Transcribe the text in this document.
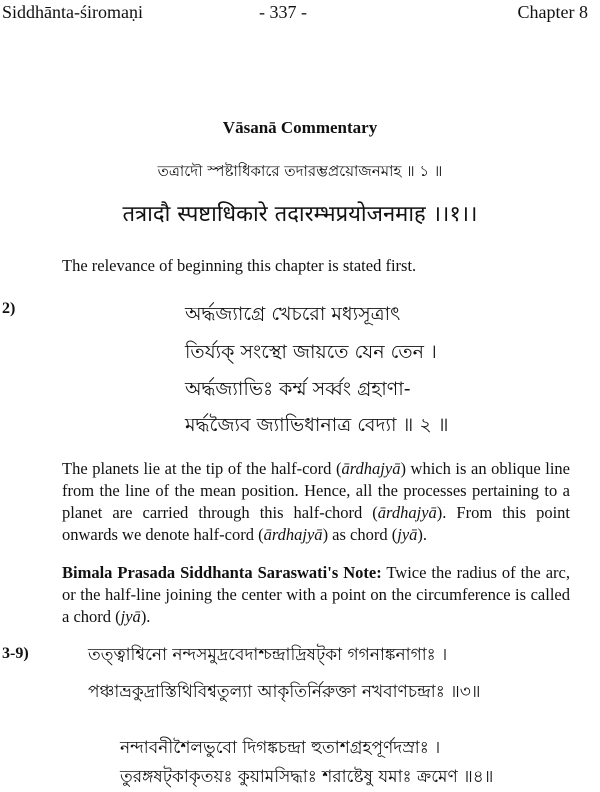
Siddhānta-śiromaṇi	- 337 -	Chapter 8
Vāsanā Commentary
তত্রাদৌ স্পষ্টাধিকারে তদারম্ভপ্রয়োজনমাহ ॥ ১ ॥
तत्रादौ स्पष्टाधिकारे तदारम्भप्रयोजनमाह ।।१।।
The relevance of beginning this chapter is stated first.
2)	অর্দ্ধজ্যাগ্রে খেচরো মধ্যসূত্রাৎ
তির্য্যক্ সংস্থো জায়তে যেন তেন ।
অর্দ্ধজ্যাভিঃ কর্ম্ম সর্ব্বং গ্রহাণা-
মর্দ্ধজ্যৈব জ্যাভিধানাত্র বেদ্যা ॥ ২ ॥
The planets lie at the tip of the half-cord (ārdhajyā) which is an oblique line from the line of the mean position. Hence, all the processes pertaining to a planet are carried through this half-chord (ārdhajyā). From this point onwards we denote half-cord (ārdhajyā) as chord (jyā).
Bimala Prasada Siddhanta Saraswati's Note: Twice the radius of the arc, or the half-line joining the center with a point on the circumference is called a chord (jyā).
3-9)	তত্ত্বাশ্বিনো নন্দসমুদ্রবেদাশ্চন্দ্রাদ্রিষট্কা গগনাঙ্কনাগাঃ ।
পঞ্চাভ্রকুদ্রাস্তিথিবিশ্বতুল্যা আকৃতির্নিরুক্তা নখবাণচন্দ্রাঃ ॥৩॥
নন্দাবনীশৈলভুবো দিগঙ্কচন্দ্রা হুতাশগ্রহপূর্ণদস্রাঃ ।
তুরঙ্গষট্কাকৃতয়ঃ কুয়ামসিদ্ধাঃ শরাষ্টেষু যমাঃ ক্রমেণ ॥৪॥
